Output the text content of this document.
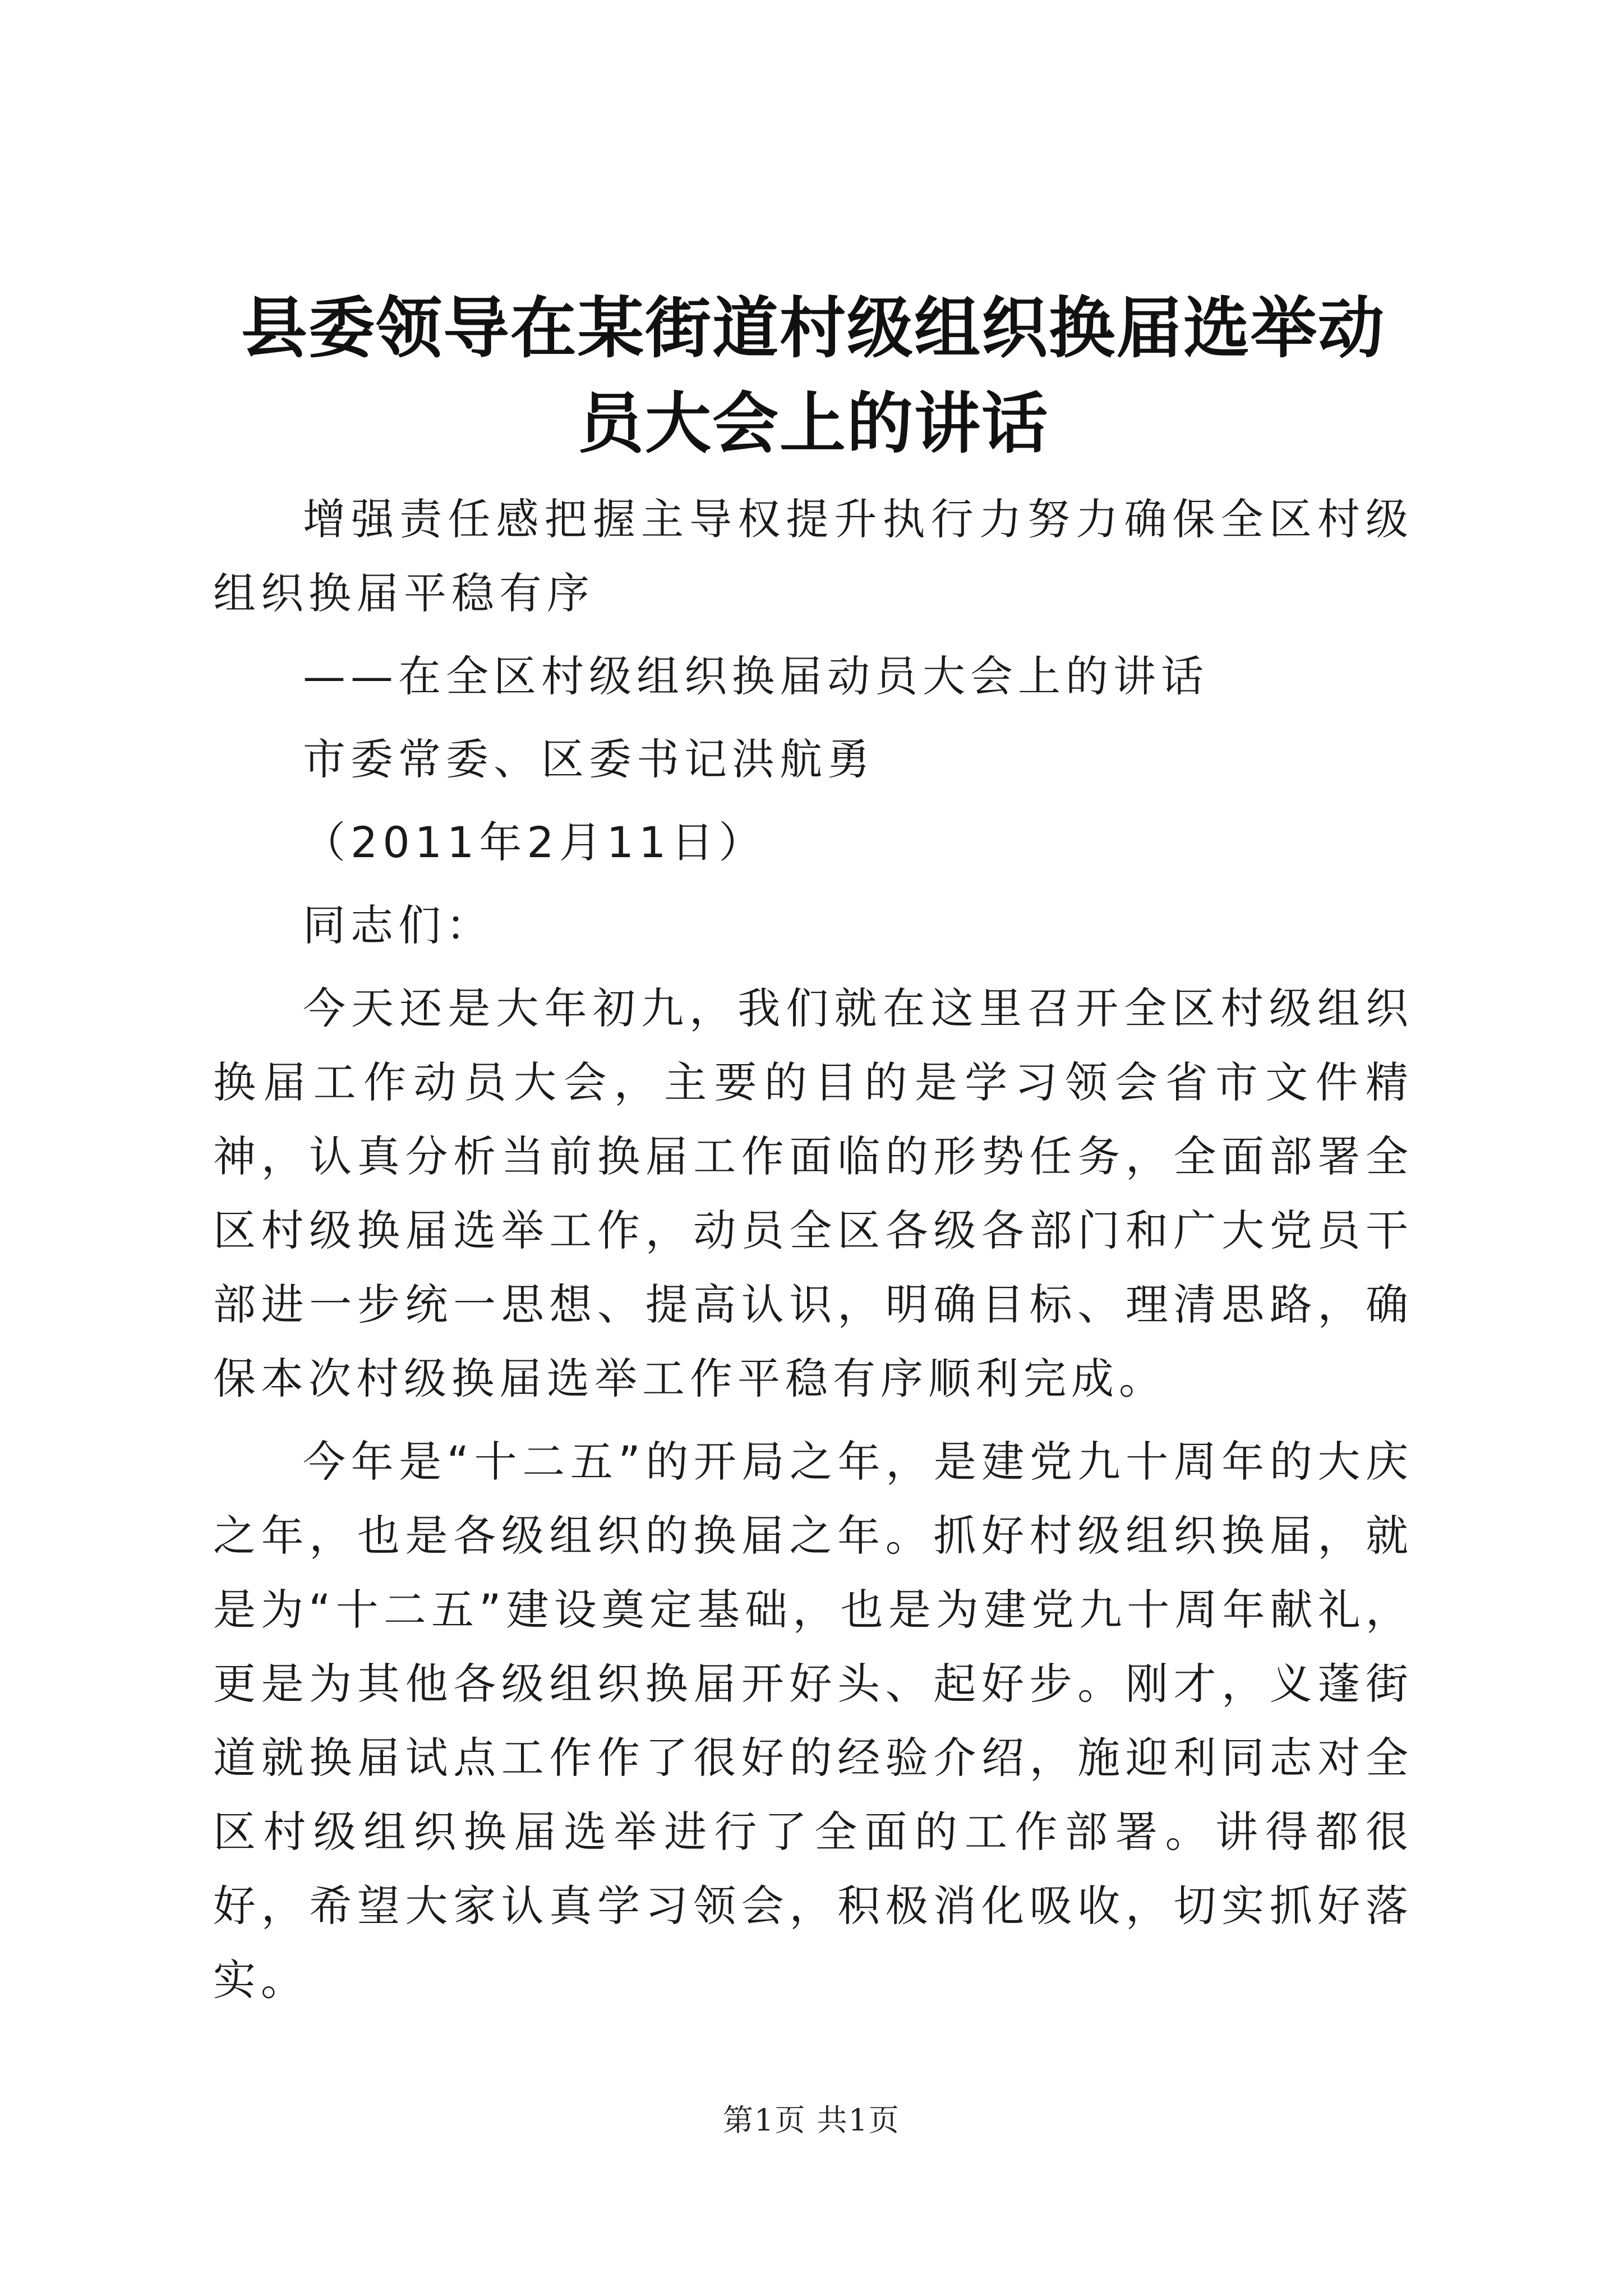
县委领导在某街道村级组织换届选举动员大会上的讲话

增强责任感把握主导权提升执行力努力确保全区村级组织换届平稳有序

——在全区村级组织换届动员大会上的讲话

市委常委、区委书记洪航勇

（2011年2月11日）

同志们：

今天还是大年初九，我们就在这里召开全区村级组织换届工作动员大会，主要的目的是学习领会省市文件精神，认真分析当前换届工作面临的形势任务，全面部署全区村级换届选举工作，动员全区各级各部门和广大党员干部进一步统一思想、提高认识，明确目标、理清思路，确保本次村级换届选举工作平稳有序顺利完成。

今年是“十二五”的开局之年，是建党九十周年的大庆之年，也是各级组织的换届之年。抓好村级组织换届，就是为“十二五”建设奠定基础，也是为建党九十周年献礼，更是为其他各级组织换届开好头、起好步。刚才，义蓬街道就换届试点工作作了很好的经验介绍，施迎利同志对全区村级组织换届选举进行了全面的工作部署。讲得都很好，希望大家认真学习领会，积极消化吸收，切实抓好落实。

第1页 共1页
